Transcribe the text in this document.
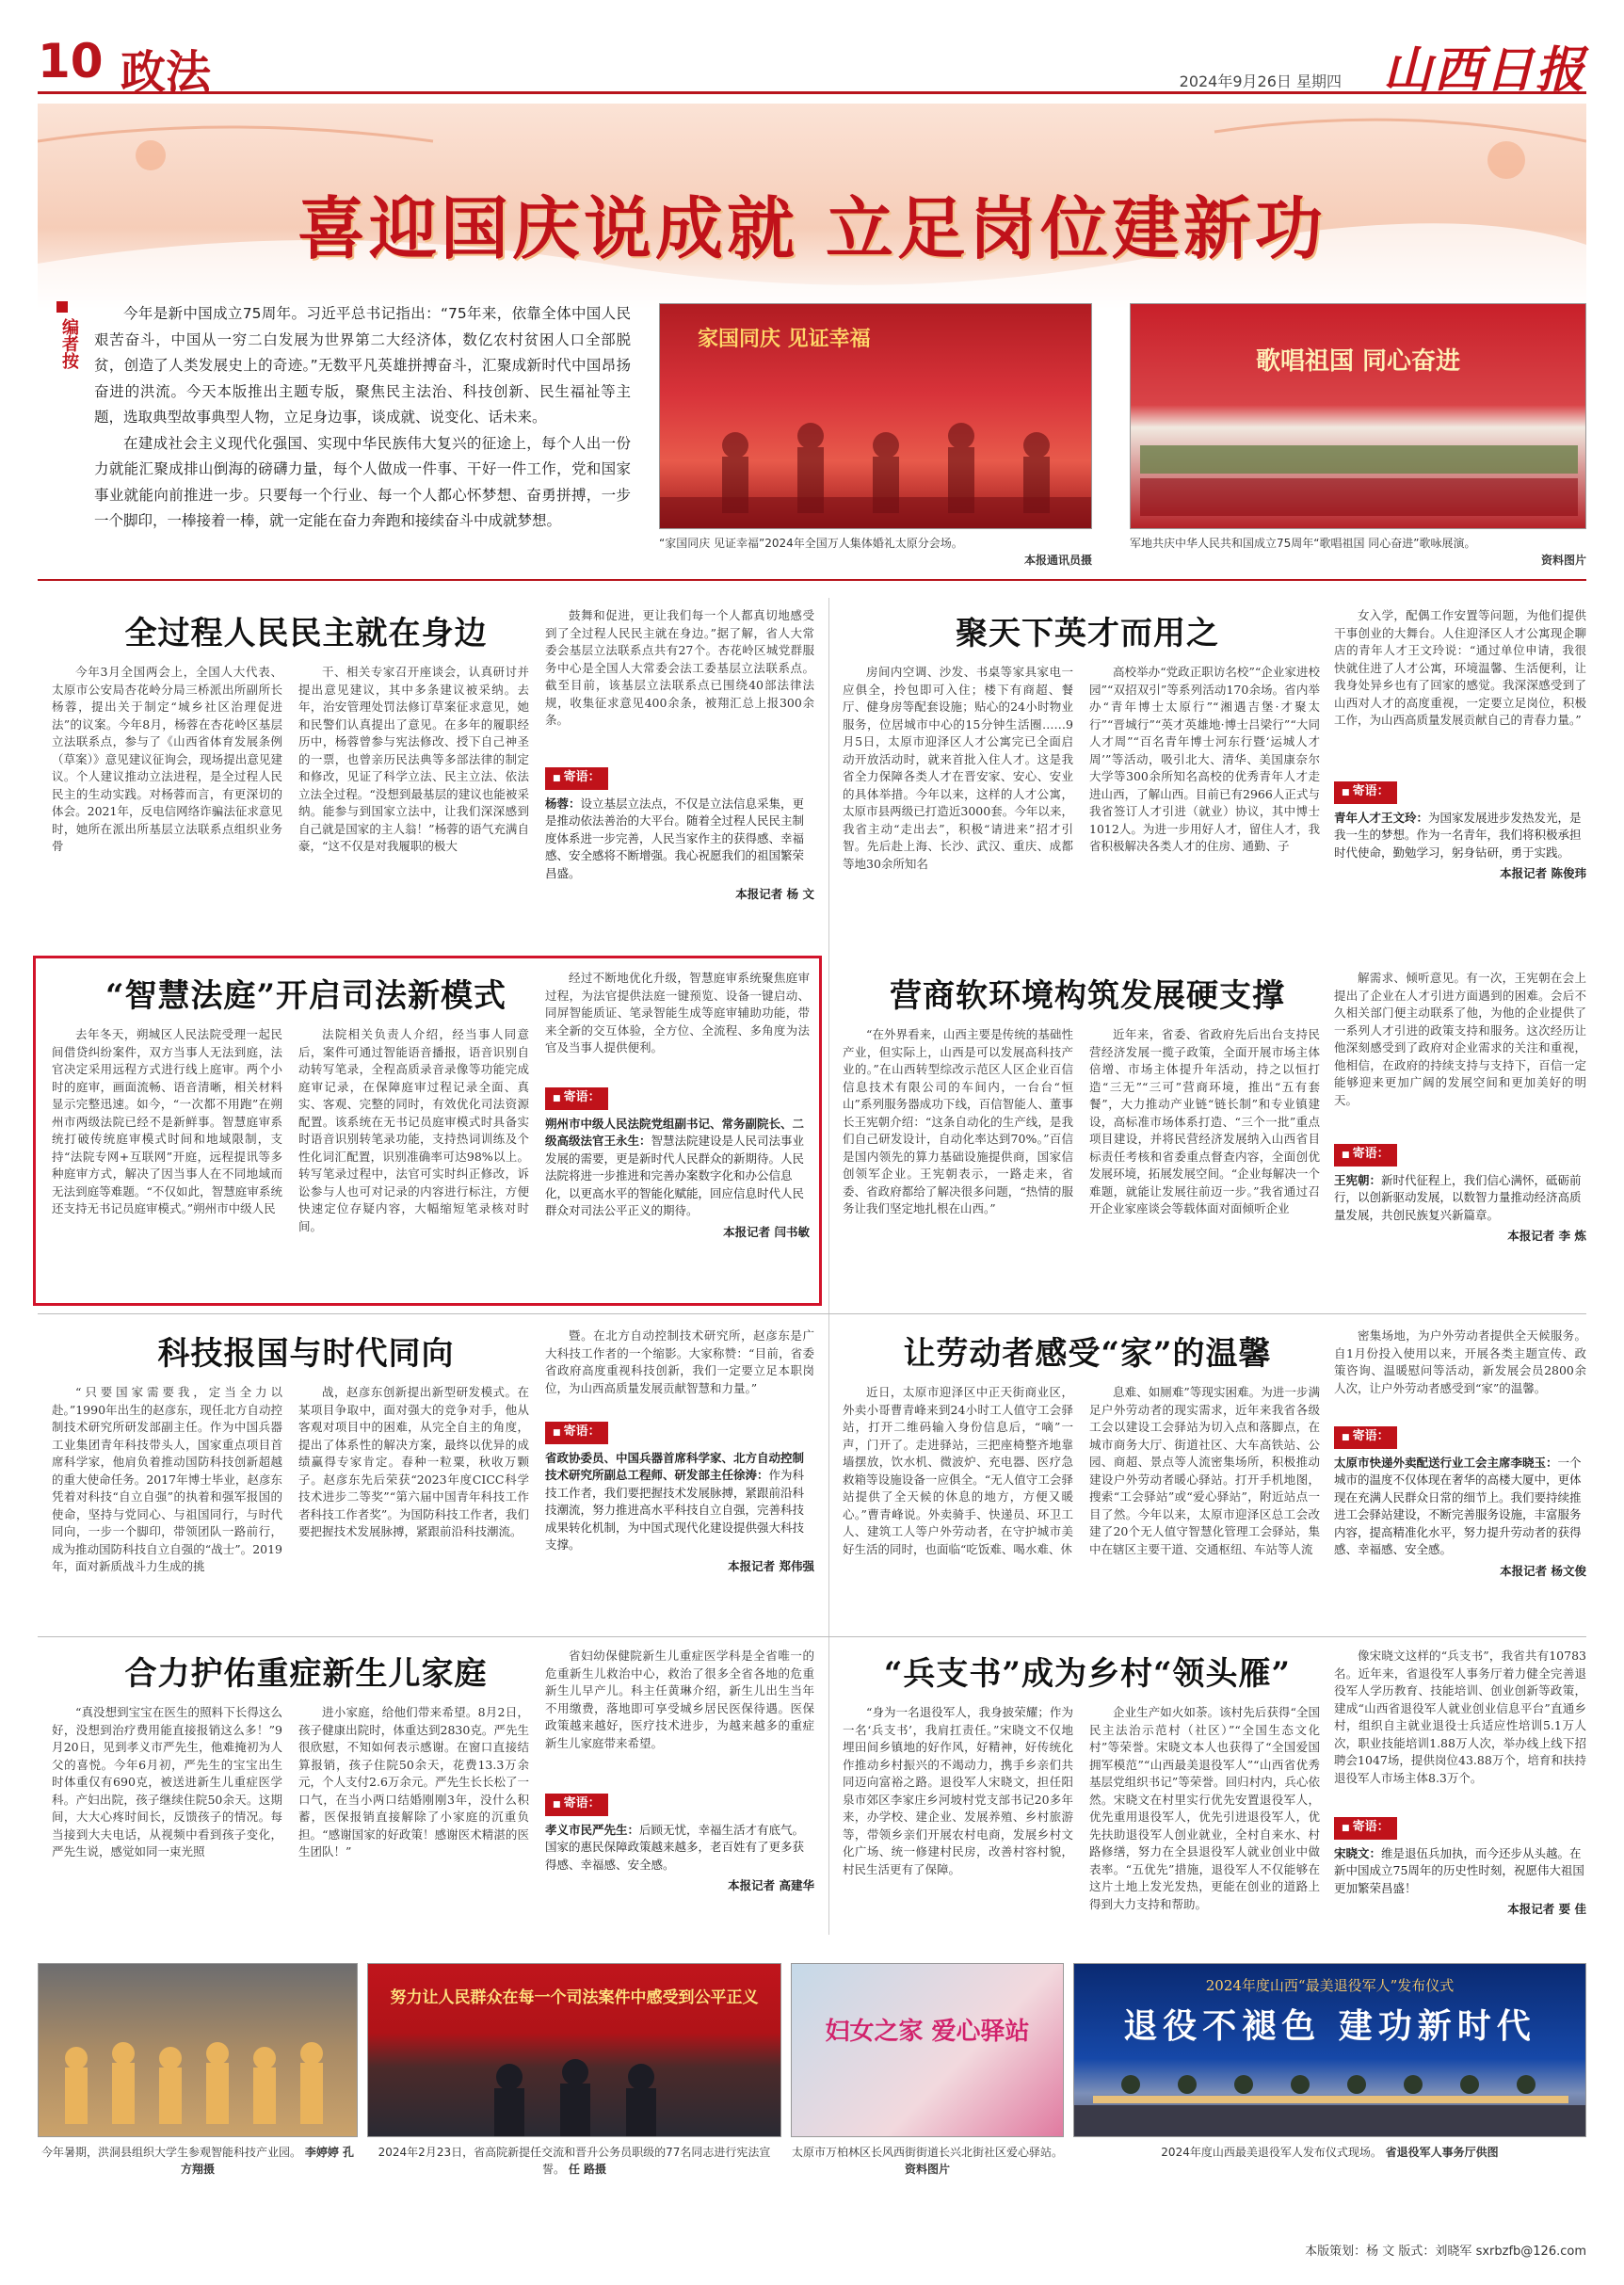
10 政法	2024年9月26日 星期四 山西日报
喜迎国庆说成就 立足岗位建新功
编者按

今年是新中国成立75周年。习近平总书记指出：“75年来，依靠全体中国人民艰苦奋斗，中国从一穷二白发展为世界第二大经济体，数亿农村贫困人口全部脱贫，创造了人类发展史上的奇迹。”无数平凡英雄拼搏奋斗，汇聚成新时代中国昂扬奋进的洪流。今天本版推出主题专版，聚焦民主法治、科技创新、民生福祉等主题，选取典型故事典型人物，立足身边事，谈成就、说变化、话未来。

在建成社会主义现代化强国、实现中华民族伟大复兴的征途上，每个人出一份力就能汇聚成排山倒海的磅礴力量，每个人做成一件事、干好一件工作，党和国家事业就能向前推进一步。只要每一个行业、每一个人都心怀梦想、奋勇拼搏，一步一个脚印，一棒接着一棒，就一定能在奋力奔跑和接续奋斗中成就梦想。

家国同庆 见证幸福
“家国同庆 见证幸福”2024年全国万人集体婚礼太原分会场。
本报通讯员摄
歌唱祖国 同心奋进
军地共庆中华人民共和国成立75周年“歌唱祖国 同心奋进”歌咏展演。
资料图片
全过程人民民主就在身边

今年3月全国两会上，全国人大代表、太原市公安局杏花岭分局三桥派出所副所长杨蓉，提出关于制定“城乡社区治理促进法”的议案。今年8月，杨蓉在杏花岭区基层立法联系点，参与了《山西省体育发展条例（草案）》意见建议征询会，现场提出意见建议。个人建议推动立法进程，是全过程人民民主的生动实践。对杨蓉而言，有更深切的体会。2021年，反电信网络诈骗法征求意见时，她所在派出所基层立法联系点组织业务骨

干、相关专家召开座谈会，认真研讨并提出意见建议，其中多条建议被采纳。去年，治安管理处罚法修订草案征求意见，她和民警们认真提出了意见。在多年的履职经历中，杨蓉曾参与宪法修改、授下自己神圣的一票，也曾亲历民法典等多部法律的制定和修改，见证了科学立法、民主立法、依法立法全过程。“没想到最基层的建议也能被采纳。能参与到国家立法中，让我们深深感到自己就是国家的主人翁！”杨蓉的语气充满自豪，“这不仅是对我履职的极大

鼓舞和促进，更让我们每一个人都真切地感受到了全过程人民民主就在身边。”据了解，省人大常委会基层立法联系点共有27个。杏花岭区城党群服务中心是全国人大常委会法工委基层立法联系点。截至目前，该基层立法联系点已围绕40部法律法规，收集征求意见400余条，被翔汇总上报300余条。

■ 寄语：
杨蓉：设立基层立法点，不仅是立法信息采集，更是推动依法善治的大平台。随着全过程人民民主制度体系进一步完善，人民当家作主的获得感、幸福感、安全感将不断增强。我心祝愿我们的祖国繁荣昌盛。
本报记者 杨 文
聚天下英才而用之

房间内空调、沙发、书桌等家具家电一应俱全，拎包即可入住；楼下有商超、餐厅、健身房等配套设施；贴心的24小时物业服务，位居城市中心的15分钟生活圈……9月5日，太原市迎泽区人才公寓完已全面启动开放活动时，就来首批入住人才。这是我省全力保障各类人才在晋安家、安心、安业的具体举措。今年以来，这样的人才公寓，太原市县两级已打造近3000套。今年以来，我省主动“走出去”，积极“请进来”招才引智。先后赴上海、长沙、武汉、重庆、成都等地30余所知名

高校举办“党政正职访名校”“企业家进校园”“双招双引”等系列活动170余场。省内举办“青年博士太原行”“湘遇吉堡·才聚太行”“晋城行”“英才英雄地·博士吕梁行”“大同人才周”“百名青年博士河东行暨‘运城人才周’”等活动，吸引北大、清华、美国康奈尔大学等300余所知名高校的优秀青年人才走进山西，了解山西。目前已有2966人正式与我省签订人才引进（就业）协议，其中博士1012人。为进一步用好人才，留住人才，我省积极解决各类人才的住房、通勤、子

女入学，配偶工作安置等问题，为他们提供干事创业的大舞台。人住迎泽区人才公寓现企聊店的青年人才王文玲说：“通过单位申请，我很快就住进了人才公寓，环境温馨、生活便利，让我身处异乡也有了回家的感觉。我深深感受到了山西对人才的高度重视，一定要立足岗位，积极工作，为山西高质量发展贡献自己的青春力量。”

■ 寄语：
青年人才王文玲：为国家发展进步发热发光，是我一生的梦想。作为一名青年，我们将积极承担时代使命，勤勉学习，躬身钻研，勇于实践。
本报记者 陈俊玮
“智慧法庭”开启司法新模式

去年冬天，朔城区人民法院受理一起民间借贷纠纷案件，双方当事人无法到庭，法官决定采用远程方式进行线上庭审。两个小时的庭审，画面流畅、语音清晰，相关材料显示完整迅速。如今，“一次都不用跑”在朔州市两级法院已经不是新鲜事。智慧庭审系统打破传统庭审模式时间和地域限制，支持“法院专网+互联网”开庭，远程提讯等多种庭审方式，解决了因当事人在不同地域而无法到庭等难题。“不仅如此，智慧庭审系统还支持无书记员庭审模式。”朔州市中级人民

法院相关负责人介绍，经当事人同意后，案件可通过智能语音播报，语音识别自动转写笔录，全程高质录音录像等功能完成庭审记录，在保障庭审过程记录全面、真实、客观、完整的同时，有效优化司法资源配置。该系统在无书记员庭审模式时具备实时语音识别转笔录功能，支持热词训练及个性化词汇配置，识别准确率可达98%以上。转写笔录过程中，法官可实时纠正修改，诉讼参与人也可对记录的内容进行标注，方便快速定位存疑内容，大幅缩短笔录核对时间。

经过不断地优化升级，智慧庭审系统聚焦庭审过程，为法官提供法庭一键预览、设备一键启动、同屏智能质证、笔录智能生成等庭审辅助功能，带来全新的交互体验，全方位、全流程、多角度为法官及当事人提供便利。

■ 寄语：
朔州市中级人民法院党组副书记、常务副院长、二级高级法官王永生：智慧法院建设是人民司法事业发展的需要，更是新时代人民群众的新期待。人民法院将进一步推进和完善办案数字化和办公信息化，以更高水平的智能化赋能，回应信息时代人民群众对司法公平正义的期待。
本报记者 闫书敏
营商软环境构筑发展硬支撑

“在外界看来，山西主要是传统的基础性产业，但实际上，山西是可以发展高科技产业的。”在山西转型综改示范区人区企业百信信息技术有限公司的车间内，一台台“恒山”系列服务器成功下线，百信智能人、董事长王宪朝介绍：“这条自动化的生产线，是我们自己研发设计，自动化率达到70%。”百信是国内领先的算力基础设施提供商，国家信创领军企业。王宪朝表示，一路走来，省委、省政府都给了解决很多问题，“热情的服务让我们坚定地扎根在山西。”

近年来，省委、省政府先后出台支持民营经济发展一揽子政策，全面开展市场主体倍增、市场主体提升年活动，持之以恒打造“三无”“三可”营商环境，推出“五有套餐”，大力推动产业链“链长制”和专业镇建设，高标准市场体系打造、“三个一批”重点项目建设，并将民营经济发展纳入山西省目标责任考核和省委重点督查内容，全面创优发展环境，拓展发展空间。“企业每解决一个难题，就能让发展往前迈一步。”我省通过召开企业家座谈会等载体面对面倾听企业

解需求、倾听意见。有一次，王宪朝在会上提出了企业在人才引进方面遇到的困难。会后不久相关部门便主动联系了他，为他的企业提供了一系列人才引进的政策支持和服务。这次经历让他深刻感受到了政府对企业需求的关注和重视，他相信，在政府的持续支持与支持下，百信一定能够迎来更加广阔的发展空间和更加美好的明天。

■ 寄语：
王宪朝：新时代征程上，我们信心满怀，砥砺前行，以创新驱动发展，以数智力量推动经济高质量发展，共创民族复兴新篇章。
本报记者 李 炼
科技报国与时代同向

“只要国家需要我，定当全力以赴。”1990年出生的赵彦东，现任北方自动控制技术研究所研发部副主任。作为中国兵器工业集团青年科技带头人，国家重点项目首席科学家，他肩负着推动国防科技创新超越的重大使命任务。2017年博士毕业，赵彦东凭着对科技“自立自强”的执着和强军报国的使命，坚持与党同心、与祖国同行，与时代同向，一步一个脚印，带领团队一路前行，成为推动国防科技自立自强的“战士”。2019年，面对新质战斗力生成的挑

战，赵彦东创新提出新型研发模式。在某项目争取中，面对强大的竞争对手，他从客观对项目中的困难，从完全自主的角度，提出了体系性的解决方案，最终以优异的成绩赢得专家肯定。春种一粒粟，秋收万颗子。赵彦东先后荣获“2023年度CICC科学技术进步二等奖”“第六届中国青年科技工作者科技工作者奖”。为国防科技工作者，我们要把握技术发展脉搏，紧跟前沿科技潮流。

暨。在北方自动控制技术研究所，赵彦东是广大科技工作者的一个缩影。大家称赞：“目前，省委省政府高度重视科技创新，我们一定要立足本职岗位，为山西高质量发展贡献智慧和力量。”

■ 寄语：
省政协委员、中国兵器首席科学家、北方自动控制技术研究所副总工程师、研发部主任徐涛：作为科技工作者，我们要把握技术发展脉搏，紧跟前沿科技潮流，努力推进高水平科技自立自强，完善科技成果转化机制，为中国式现代化建设提供强大科技支撑。
本报记者 郑伟强
让劳动者感受“家”的温馨

近日，太原市迎泽区中正天街商业区，外卖小哥曹青峰来到24小时工人值守工会驿站，打开二维码输入身份信息后，“嘀”一声，门开了。走进驿站，三把座椅整齐地靠墙摆放，饮水机、微波炉、充电器、医疗急救箱等设施设备一应俱全。“无人值守工会驿站提供了全天候的休息的地方，方便又暖心。”曹青峰说。外卖骑手、快递员、环卫工人、建筑工人等户外劳动者，在守护城市美好生活的同时，也面临“吃饭难、喝水难、休

息难、如厕难”等现实困难。为进一步满足户外劳动者的现实需求，近年来我省各级工会以建设工会驿站为切入点和落脚点，在城市商务大厅、街道社区、大车高铁站、公园、商超、景点等人流密集场所，积极推动建设户外劳动者暖心驿站。打开手机地图，搜索“工会驿站”或“爱心驿站”，附近站点一目了然。今年以来，太原市迎泽区总工会改建了20个无人值守智慧化管理工会驿站，集中在辖区主要干道、交通枢纽、车站等人流

密集场地，为户外劳动者提供全天候服务。自1月份投入使用以来，开展各类主题宣传、政策咨询、温暖慰问等活动，新发展会员2800余人次，让户外劳动者感受到“家”的温馨。

■ 寄语：
太原市快递外卖配送行业工会主席李晓玉：一个城市的温度不仅体现在奢华的高楼大厦中，更体现在充满人民群众日常的细节上。我们要持续推进工会驿站建设，不断完善服务设施，丰富服务内容，提高精准化水平，努力提升劳动者的获得感、幸福感、安全感。
本报记者 杨文俊
合力护佑重症新生儿家庭

“真没想到宝宝在医生的照料下长得这么好，没想到治疗费用能直接报销这么多！”9月20日，见到孝义市严先生，他难掩初为人父的喜悦。今年6月初，严先生的宝宝出生时体重仅有690克，被送进新生儿重症医学科。产妇出院，孩子继续住院50余天。这期间，大大心疼时间长，反馈孩子的情况。每当接到大夫电话，从视频中看到孩子变化，严先生说，感觉如同一束光照

进小家庭，给他们带来希望。8月2日，孩子健康出院时，体重达到2830克。严先生很欣慰，不知如何表示感谢。在窗口直接结算报销，孩子住院50余天，花费13.3万余元，个人支付2.6万余元。严先生长长松了一口气，在当小两口结婚刚刚3年，没什么积蓄，医保报销直接解除了小家庭的沉重负担。“感谢国家的好政策！感谢医术精湛的医生团队！”

省妇幼保健院新生儿重症医学科是全省唯一的危重新生儿救治中心，救治了很多全省各地的危重新生儿早产儿。科主任黄琳介绍，新生儿出生当年不用缴费，落地即可享受城乡居民医保待遇。医保政策越来越好，医疗技术进步，为越来越多的重症新生儿家庭带来希望。

■ 寄语：
孝义市民严先生：后顾无忧，幸福生活才有底气。国家的惠民保障政策越来越多，老百姓有了更多获得感、幸福感、安全感。
本报记者 高建华
“兵支书”成为乡村“领头雁”

“身为一名退役军人，我身披荣耀；作为一名‘兵支书’，我肩扛责任。”宋晓文不仅地埋田间乡镇地的好作风，好精神，好传统化作推动乡村振兴的不竭动力，携手乡亲们共同迈向富裕之路。退役军人宋晓文，担任阳泉市郊区李家庄乡河坡村党支部书记20多年来，办学校、建企业、发展养殖、乡村旅游等，带领乡亲们开展农村电商，发展乡村文化广场、统一修建村民房，改善村容村貌，村民生活更有了保障。

企业生产如火如荼。该村先后获得“全国民主法治示范村（社区）”“全国生态文化村”等荣誉。宋晓文本人也获得了“全国爱国拥军模范”“山西最美退役军人”“山西省优秀基层党组织书记”等荣誉。回归村内，兵心依然。宋晓文在村里实行优先安置退役军人，优先重用退役军人，优先引进退役军人，优先扶助退役军人创业就业，全村自来水、村路修缮，努力在全县退役军人就业创业中做表率。“五优先”措施，退役军人不仅能够在这片土地上发光发热，更能在创业的道路上得到大力支持和帮助。

像宋晓文这样的“兵支书”，我省共有10783名。近年来，省退役军人事务厅着力健全完善退役军人学历教育、技能培训、创业创新等政策，建成“山西省退役军人就业创业信息平台”直通乡村，组织自主就业退役士兵适应性培训5.1万人次，职业技能培训1.88万人次，举办线上线下招聘会1047场，提供岗位43.88万个，培育和扶持退役军人市场主体8.3万个。

■ 寄语：
宋晓文：维是退伍兵加执，而今还步从头越。在新中国成立75周年的历史性时刻，祝愿伟大祖国更加繁荣昌盛！
本报记者 要 佳
今年暑期，洪洞县组织大学生参观智能科技产业园。 李婷婷 孔方翔摄
努力让人民群众在每一个司法案件中感受到公平正义
2024年2月23日，省高院新提任交流和晋升公务员职级的77名同志进行宪法宣誓。 任 路摄
妇女之家 爱心驿站
太原市万柏林区长风西街街道长兴北街社区爱心驿站。 资料图片
2024年度山西“最美退役军人”发布仪式
退役不褪色 建功新时代
2024年度山西最美退役军人发布仪式现场。 省退役军人事务厅供图
本版策划：杨 文 版式：刘晓军 sxrbzfb@126.com
